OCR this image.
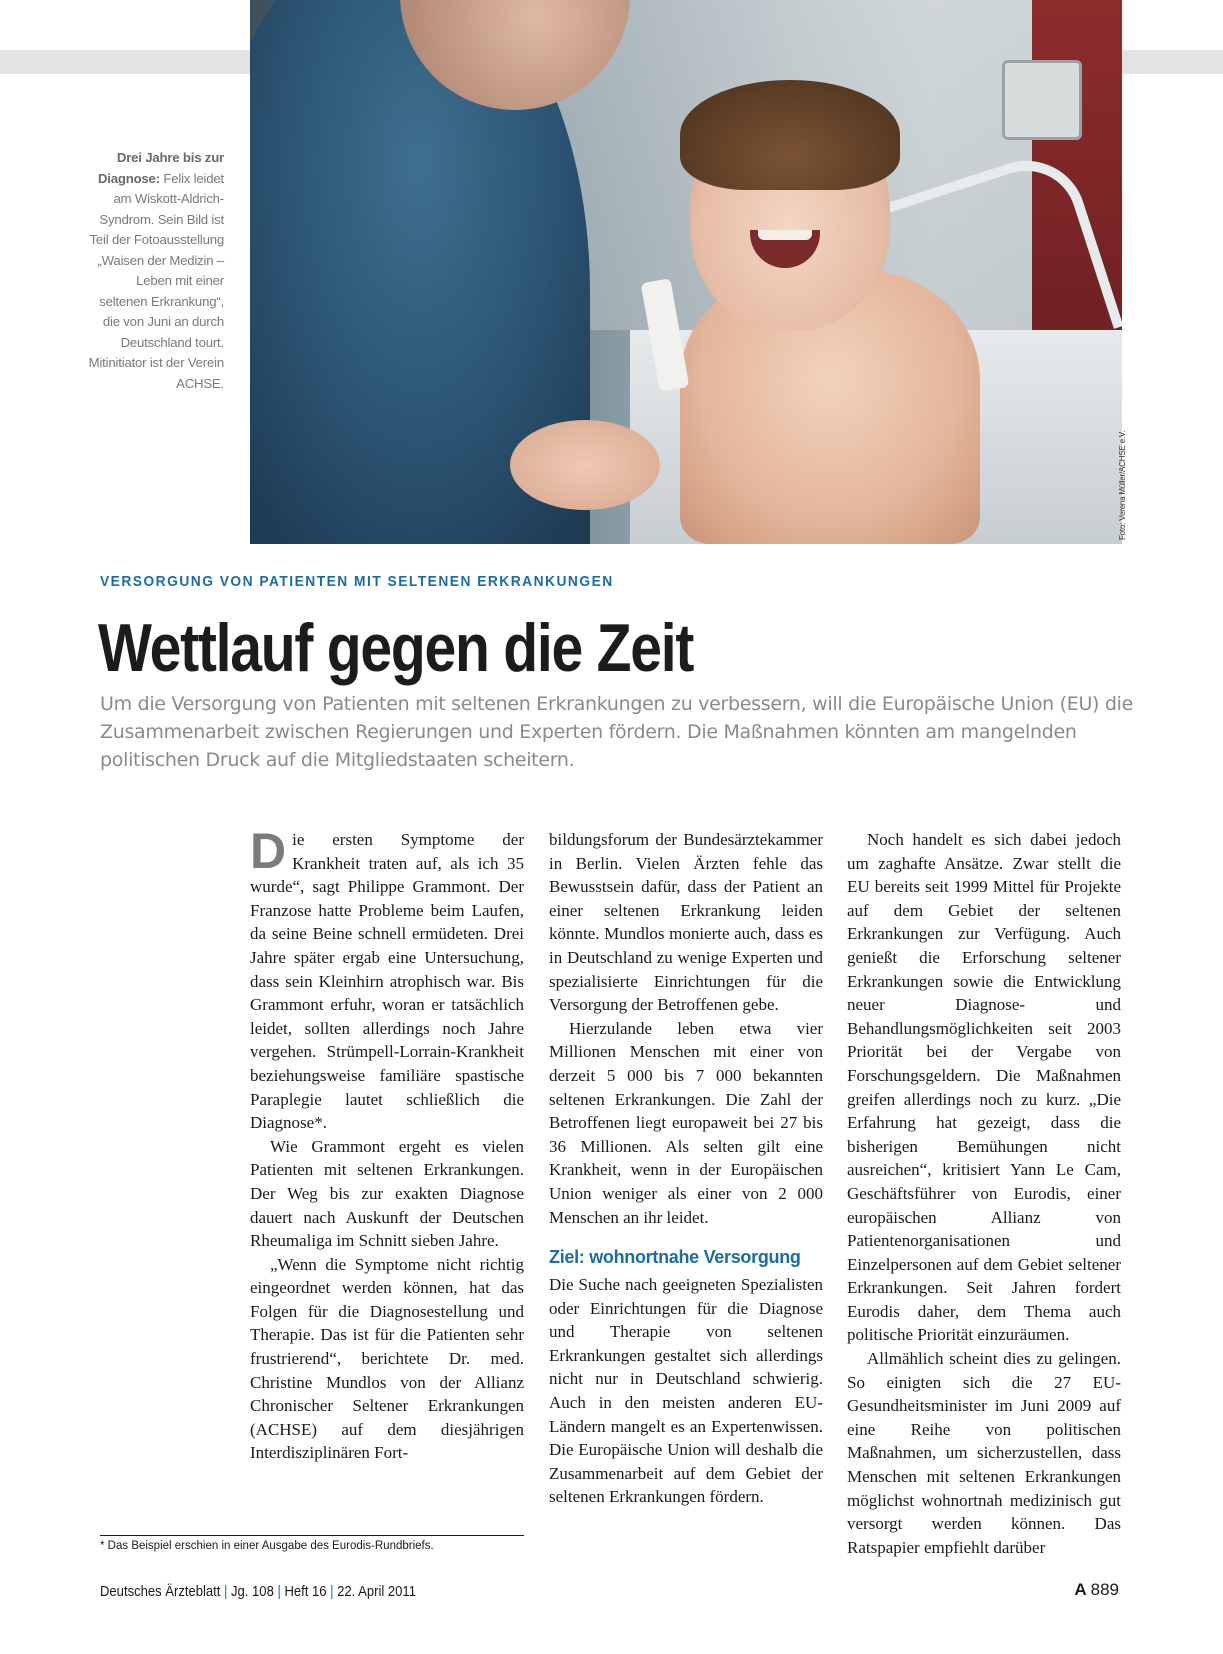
Foto: Verena Müller/ACHSE e.V.
Drei Jahre bis zur Diagnose: Felix leidet am Wiskott-Aldrich-Syndrom. Sein Bild ist Teil der Fotoausstellung „Waisen der Medizin – Leben mit einer seltenen Erkrankung“, die von Juni an durch Deutschland tourt. Mitinitiator ist der Verein ACHSE.
VERSORGUNG VON PATIENTEN MIT SELTENEN ERKRANKUNGEN
Wettlauf gegen die Zeit

Um die Versorgung von Patienten mit seltenen Erkrankungen zu verbessern, will die Europäische Union (EU) die Zusammenarbeit zwischen Regierungen und Experten fördern. Die Maßnahmen könnten am mangelnden politischen Druck auf die Mitgliedstaaten scheitern.

Die ersten Symptome der Krankheit traten auf, als ich 35 wurde“, sagt Philippe Grammont. Der Franzose hatte Probleme beim Laufen, da seine Beine schnell ermüdeten. Drei Jahre später ergab eine Untersuchung, dass sein Kleinhirn atrophisch war. Bis Grammont erfuhr, woran er tatsächlich leidet, sollten allerdings noch Jahre vergehen. Strümpell-Lorrain-Krankheit beziehungsweise familiäre spastische Paraplegie lautet schließlich die Diagnose*.

Wie Grammont ergeht es vielen Patienten mit seltenen Erkrankungen. Der Weg bis zur exakten Diagnose dauert nach Auskunft der Deutschen Rheumaliga im Schnitt sieben Jahre.

„Wenn die Symptome nicht richtig eingeordnet werden können, hat das Folgen für die Diagnosestellung und Therapie. Das ist für die Patienten sehr frustrierend“, berichtete Dr. med. Christine Mundlos von der Allianz Chronischer Seltener Erkrankungen (ACHSE) auf dem diesjährigen Interdisziplinären Fort-

bildungsforum der Bundesärztekammer in Berlin. Vielen Ärzten fehle das Bewusstsein dafür, dass der Patient an einer seltenen Erkrankung leiden könnte. Mundlos monierte auch, dass es in Deutschland zu wenige Experten und spezialisierte Einrichtungen für die Versorgung der Betroffenen gebe.

Hierzulande leben etwa vier Millionen Menschen mit einer von derzeit 5 000 bis 7 000 bekannten seltenen Erkrankungen. Die Zahl der Betroffenen liegt europaweit bei 27 bis 36 Millionen. Als selten gilt eine Krankheit, wenn in der Europäischen Union weniger als einer von 2 000 Menschen an ihr leidet.

Ziel: wohnortnahe Versorgung

Die Suche nach geeigneten Spezialisten oder Einrichtungen für die Diagnose und Therapie von seltenen Erkrankungen gestaltet sich allerdings nicht nur in Deutschland schwierig. Auch in den meisten anderen EU-Ländern mangelt es an Expertenwissen. Die Europäische Union will deshalb die Zusammenarbeit auf dem Gebiet der seltenen Erkrankungen fördern.

Noch handelt es sich dabei jedoch um zaghafte Ansätze. Zwar stellt die EU bereits seit 1999 Mittel für Projekte auf dem Gebiet der seltenen Erkrankungen zur Verfügung. Auch genießt die Erforschung seltener Erkrankungen sowie die Entwicklung neuer Diagnose- und Behandlungsmöglichkeiten seit 2003 Priorität bei der Vergabe von Forschungsgeldern. Die Maßnahmen greifen allerdings noch zu kurz. „Die Erfahrung hat gezeigt, dass die bisherigen Bemühungen nicht ausreichen“, kritisiert Yann Le Cam, Geschäftsführer von Eurodis, einer europäischen Allianz von Patientenorganisationen und Einzelpersonen auf dem Gebiet seltener Erkrankungen. Seit Jahren fordert Eurodis daher, dem Thema auch politische Priorität einzuräumen.

Allmählich scheint dies zu gelingen. So einigten sich die 27 EU-Gesundheitsminister im Juni 2009 auf eine Reihe von politischen Maßnahmen, um sicherzustellen, dass Menschen mit seltenen Erkrankungen möglichst wohnortnah medizinisch gut versorgt werden können. Das Ratspapier empfiehlt darüber

* Das Beispiel erschien in einer Ausgabe des Eurodis-Rundbriefs.
Deutsches Ärzteblatt | Jg. 108 | Heft 16 | 22. April 2011	A 889
